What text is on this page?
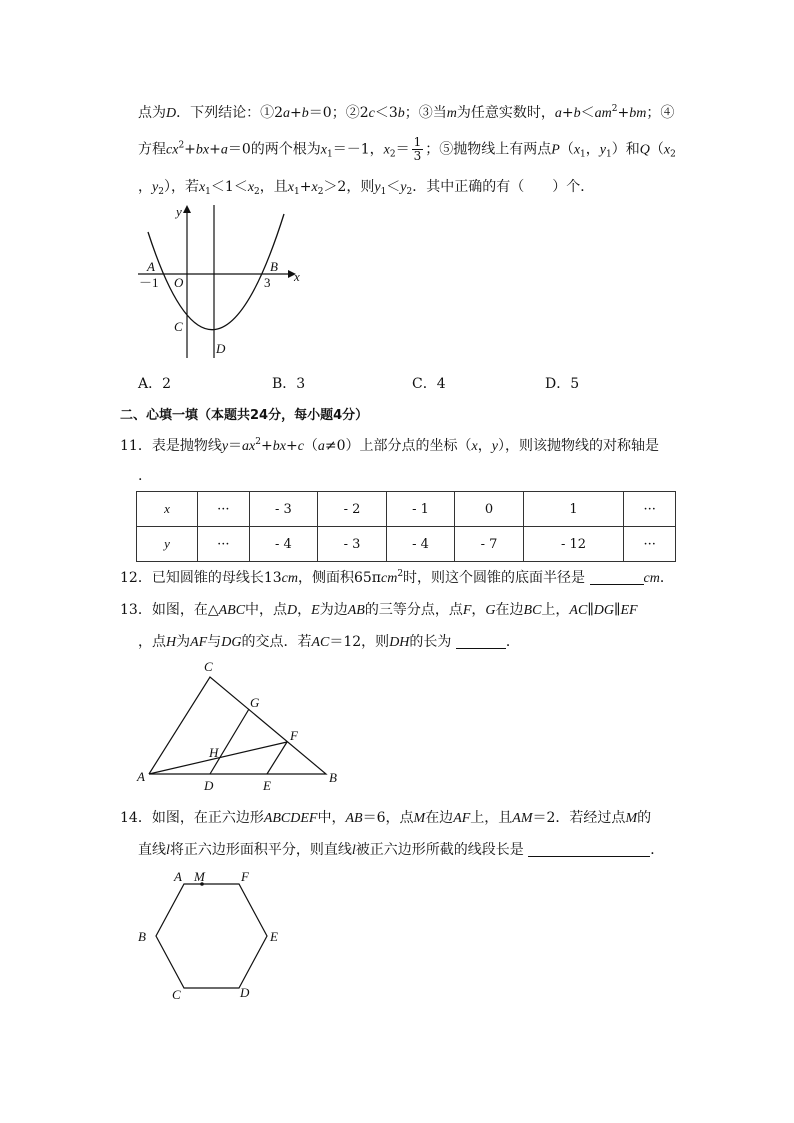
点为D．下列结论：①2a+b＝0；②2c＜3b；③当m为任意实数时，$a+b<am^2+bm$；④
方程$cx^2+bx+a=0$的两个根为$x_1=-1$，$x_2= \frac{1}{3}$ ；⑤抛物线上有两点$P(x_1$，$y_1$）和$Q(x_2$
，$y_2$），若$x_1<1<x_2$，且$x_1+x_2>2$，则$y_1<y_2$．其中正确的有（　　）个．
y
x
A
O
B
－1	3
C
D
A．2	B．3	C．4	D．5
二、心填一填（本题共24分，每小题4分）
11．表是抛物线$y=ax^2+bx+c(a\ne 0)$上部分点的坐标（x，y），则该抛物线的对称轴是
.
x	···	- 3	- 2	- 1	0	1	···
y	···	- 4	- 3	- 4	- 7	- 12	···
12．已知圆锥的母线长13cm，侧面积65πcm$^2$时，则这个圆锥的底面半径是	cm．
13．如图，在△ABC中，点D，E为边AB的三等分点，点F，G在边BC上，AC∥DG∥EF
，点H为AF与DG的交点．若AC＝12，则DH的长为	．
A	B
C
D	E
F
G
H
14．如图，在正六边形ABCDEF中，AB＝6，点M在边AF上，且AM＝2．若经过点M的
直线l将正六边形面积平分，则直线l被正六边形所截的线段长是	．
A M	F
B	E
C	D
